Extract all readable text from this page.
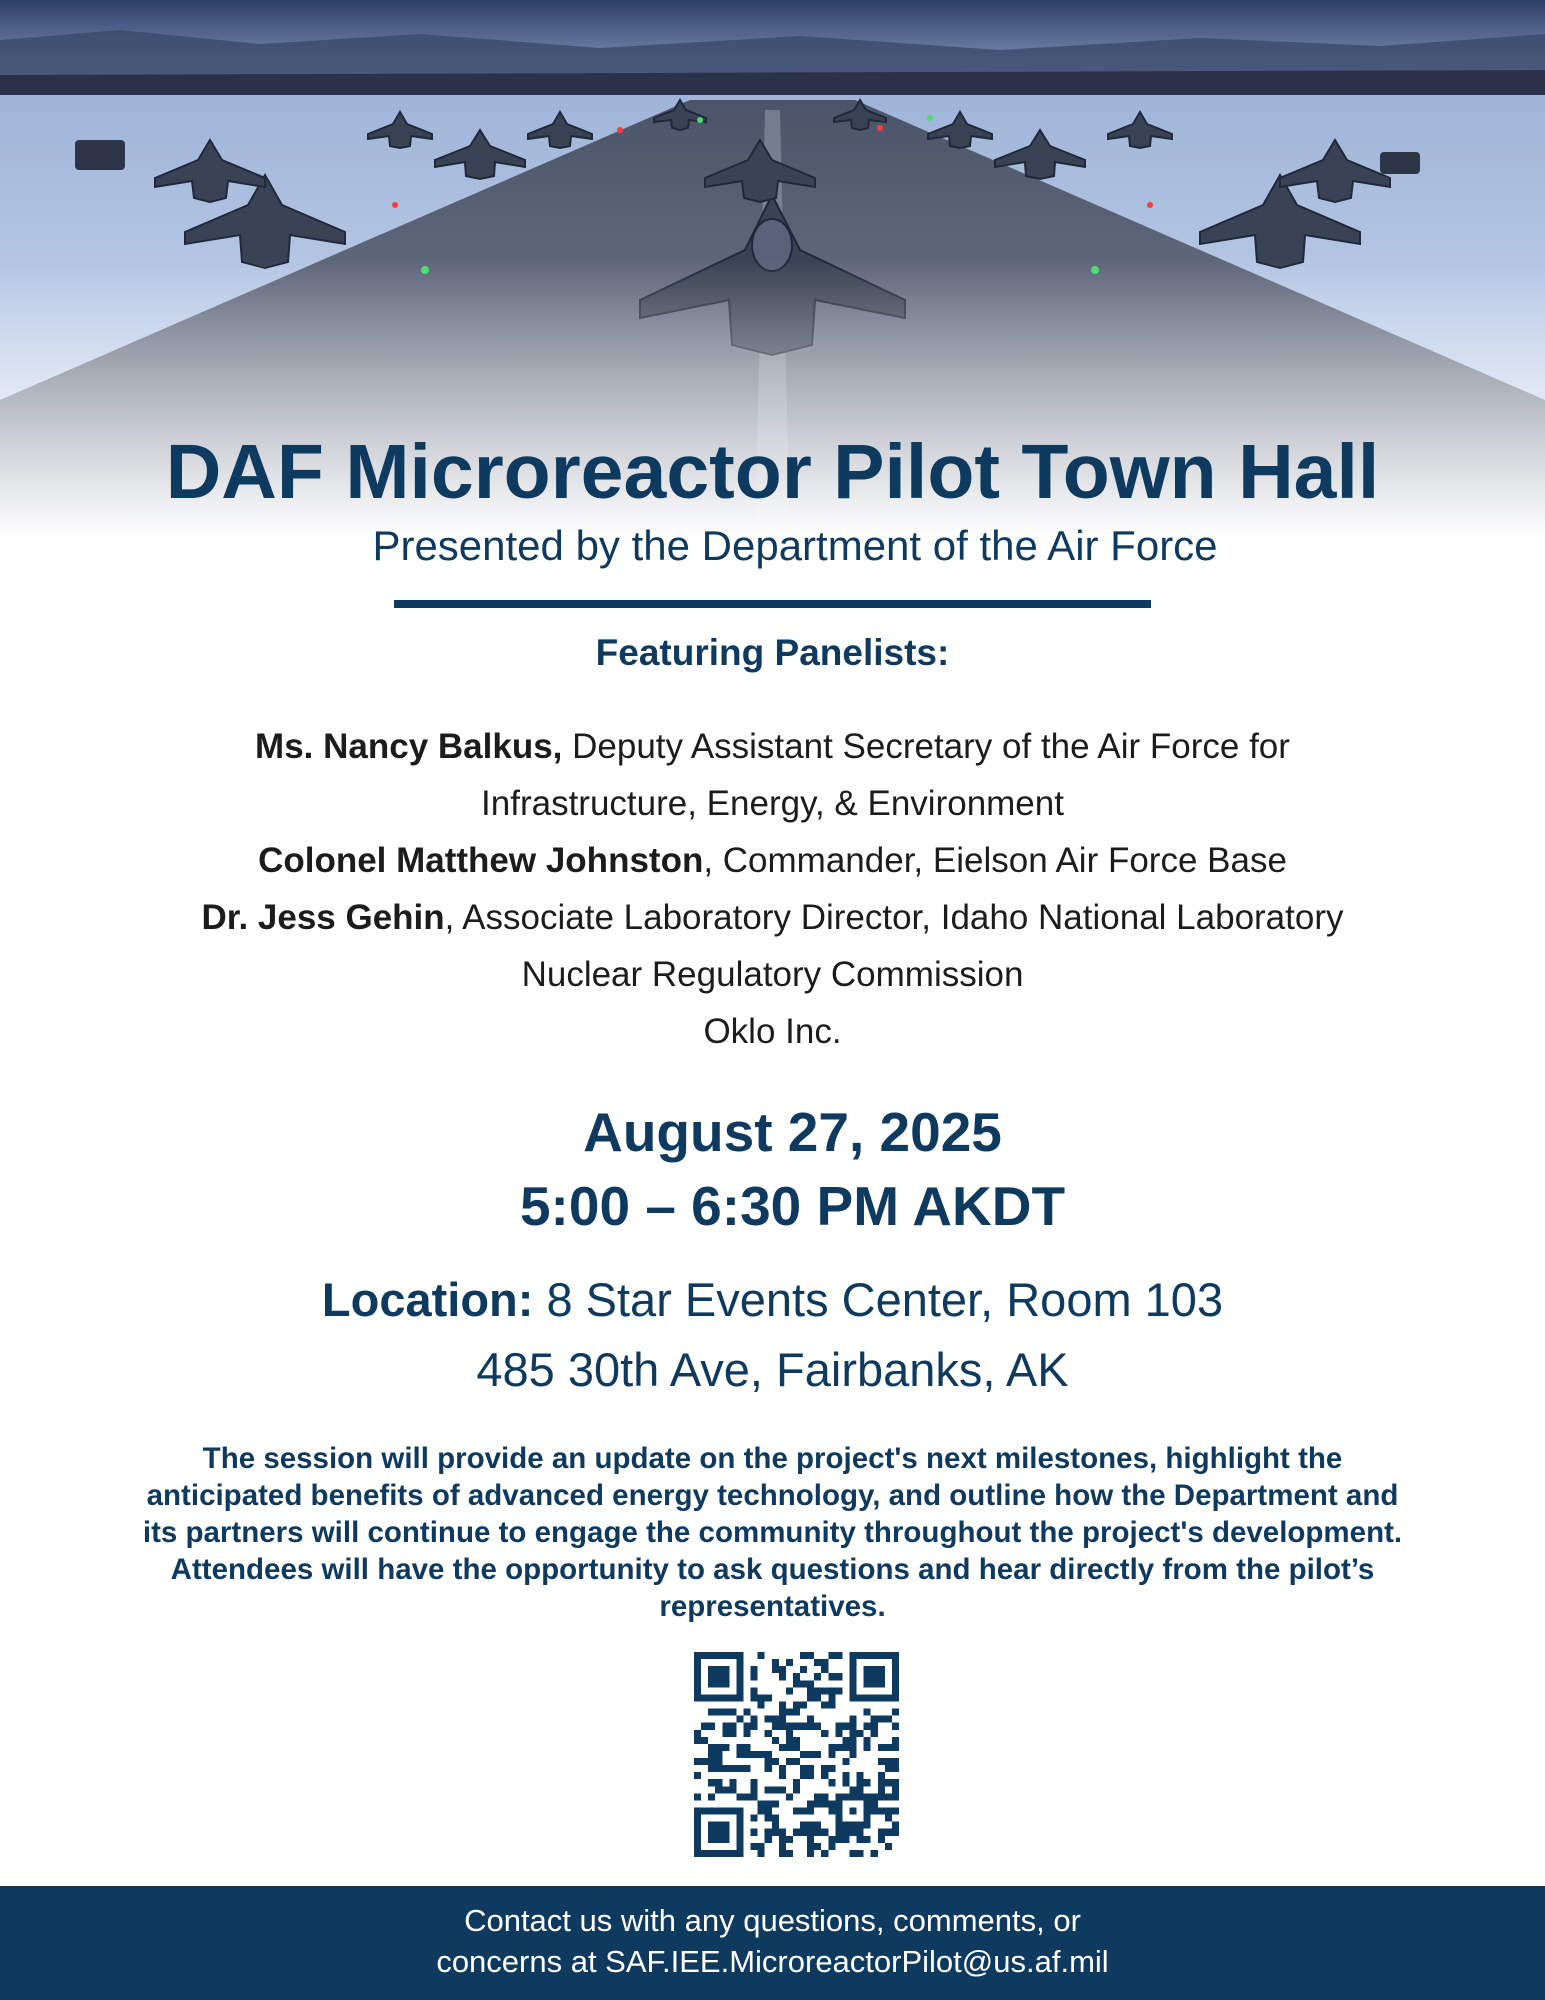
DAF Microreactor Pilot Town Hall
Presented by the Department of the Air Force
Featuring Panelists:
Ms. Nancy Balkus, Deputy Assistant Secretary of the Air Force for
Infrastructure, Energy, & Environment
Colonel Matthew Johnston, Commander, Eielson Air Force Base
Dr. Jess Gehin, Associate Laboratory Director, Idaho National Laboratory
Nuclear Regulatory Commission
Oklo Inc.
August 27, 2025
5:00 – 6:30 PM AKDT
Location: 8 Star Events Center, Room 103
485 30th Ave, Fairbanks, AK
The session will provide an update on the project's next milestones, highlight the anticipated benefits of advanced energy technology, and outline how the Department and its partners will continue to engage the community throughout the project's development. Attendees will have the opportunity to ask questions and hear directly from the pilot’s representatives.
Contact us with any questions, comments, or
concerns at SAF.IEE.MicroreactorPilot@us.af.mil
